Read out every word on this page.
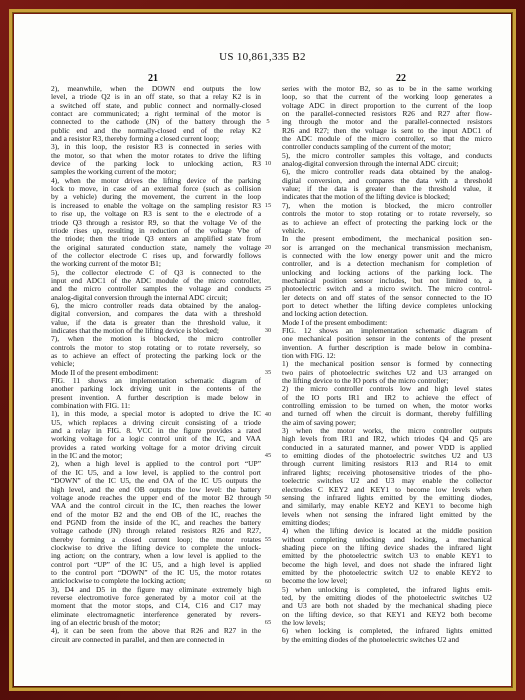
US 10,861,335 B2
21	22
2), meanwhile, when the DOWN end outputs the low
level, a triode Q2 is in an off state, so that a relay K2 is in
a switched off state, and public connect and normally-closed
contact are communicated; a right terminal of the motor is
connected to the cathode (JN) of the battery through the
public end and the normally-closed end of the relay K2
and a resistor R3, thereby forming a closed current loop;
3), in this loop, the resistor R3 is connected in series with
the motor, so that when the motor rotates to drive the lifting
device of the parking lock to unlocking action, R3
samples the working current of the motor;
4), when the motor drives the lifting device of the parking
lock to move, in case of an external force (such as collision
by a vehicle) during the movement, the current in the loop
is increased to enable the voltage on the sampling resistor R3
to rise up, the voltage on R3 is sent to the e electrode of a
triode Q3 through a resistor R9, so that the voltage Ve of the
triode rises up, resulting in reduction of the voltage Vbe of
the triode; then the triode Q3 enters an amplified state from
the original saturated conduction state, namely the voltage
of the collector electrode C rises up, and forwardly follows
the working current of the motor B1;
5), the collector electrode C of Q3 is connected to the
input end ADC1 of the ADC module of the micro controller,
and the micro controller samples the voltage and conducts
analog-digital conversion through the internal ADC circuit;
6), the micro controller reads data obtained by the analog-
digital conversion, and compares the data with a threshold
value, if the data is greater than the threshold value, it
indicates that the motion of the lifting device is blocked;
7), when the motion is blocked, the micro controller
controls the motor to stop rotating or to rotate reversely, so
as to achieve an effect of protecting the parking lock or the
vehicle;
Mode II of the present embodiment:
FIG. 11 shows an implementation schematic diagram of
another parking lock driving unit in the contents of the
present invention. A further description is made below in
combination with FIG. 11:
1), in this mode, a special motor is adopted to drive the IC
U5, which replaces a driving circuit consisting of a triode
and a relay in FIG. 8. VCC in the figure provides a rated
working voltage for a logic control unit of the IC, and VAA
provides a rated working voltage for a motor driving circuit
in the IC and the motor;
2), when a high level is applied to the control port “UP”
of the IC U5, and a low level, is applied to the control port
“DOWN” of the IC U5, the end OA of the IC U5 outputs the
high level, and the end OB outputs the low level: the battery
voltage anode reaches the upper end of the motor B2 through
VAA and the control circuit in the IC, then reaches the lower
end of the motor B2 and the end OB of the IC, reaches the
end PGND from the inside of the IC, and reaches the battery
voltage cathode (JN) through related resistors R26 and R27,
thereby forming a closed current loop; the motor rotates
clockwise to drive the lifting device to complete the unlock-
ing action; on the contrary, when a low level is applied to the
control port “UP” of the IC U5, and a high level is applied
to the control port “DOWN” of the IC U5, the motor rotates
anticlockwise to complete the locking action;
3), D4 and D5 in the figure may eliminate extremely high
reverse electromotive force generated by a motor coil at the
moment that the motor stops, and C14, C16 and C17 may
eliminate electromagnetic interference generated by revers-
ing of an electric brush of the motor;
4), it can be seen from the above that R26 and R27 in the
circuit are connected in parallel, and then are connected in
series with the motor B2, so as to be in the same working
loop, so that the current of the working loop generates a
voltage ADC in direct proportion to the current of the loop
on the parallel-connected resistors R26 and R27 after flow-
ing through the motor and the parallel-connected resistors
R26 and R27; then the voltage is sent to the input ADC1 of
the ADC module of the micro controller, so that the micro
controller conducts sampling of the current of the motor;
5), the micro controller samples this voltage, and conducts
analog-digital conversion through the internal ADC circuit;
6), the micro controller reads data obtained by the analog-
digital conversion, and compares the data with a threshold
value; if the data is greater than the threshold value, it
indicates that the motion of the lifting device is blocked;
7), when the motion is blocked, the micro controller
controls the motor to stop rotating or to rotate reversely, so
as to achieve an effect of protecting the parking lock or the
vehicle.
In the present embodiment, the mechanical position sen-
sor is arranged on the mechanical transmission mechanism,
is connected with the low energy power unit and the micro
controller, and is a detection mechanism for completion of
unlocking and locking actions of the parking lock. The
mechanical position sensor includes, but not limited to, a
photoelectric switch and a micro switch. The micro control-
ler detects on and off states of the sensor connected to the IO
port to detect whether the lifting device completes unlocking
and locking action detection.
Mode I of the present embodiment:
FIG. 12 shows an implementation schematic diagram of
one mechanical position sensor in the contents of the present
invention. A further description is made below in combina-
tion with FIG. 12:
1) the mechanical position sensor is formed by connecting
two pairs of photoelectric switches U2 and U3 arranged on
the lifting device to the IO ports of the micro controller;
2) the micro controller controls low and high level states
of the IO ports IR1 and IR2 to achieve the effect of
controlling emission to be turned on when, the motor works
and turned off when the circuit is dormant, thereby fulfilling
the aim of saving power;
3) when the motor works, the micro controller outputs
high levels from IR1 and IR2, which triodes Q4 and Q5 are
conducted in a saturated manner, and power VDD is applied
to emitting diodes of the photoelectric switches U2 and U3
through current limiting resistors R13 and R14 to emit
infrared lights; receiving photosensitive triodes of the pho-
toelectric switches U2 and U3 may enable the collector
electrodes C KEY2 and KEY1 to become low levels when
sensing the infrared lights emitted by the emitting diodes,
and similarly, may enable KEY2 and KEY1 to become high
levels when not sensing the infrared light emitted by the
emitting diodes;
4) when the lifting device is located at the middle position
without completing unlocking and locking, a mechanical
shading piece on the lifting device shades the infrared light
emitted by the photoelectric switch U3 to enable KEY1 to
become the high level, and does not shade the infrared light
emitted by the photoelectric switch U2 to enable KEY2 to
become the low level;
5) when unlocking is completed, the infrared lights emit-
ted, by the emitting diodes of the photoelectric switches U2
and U3 are both not shaded by the mechanical shading piece
on the lifting device, so that KEY1 and KEY2 both become
the low levels;
6) when locking is completed, the infrared lights emitted
by the emitting diodes of the photoelectric switches U2 and
5
10
15
20
25
30
35
40
45
50
55
60
65
